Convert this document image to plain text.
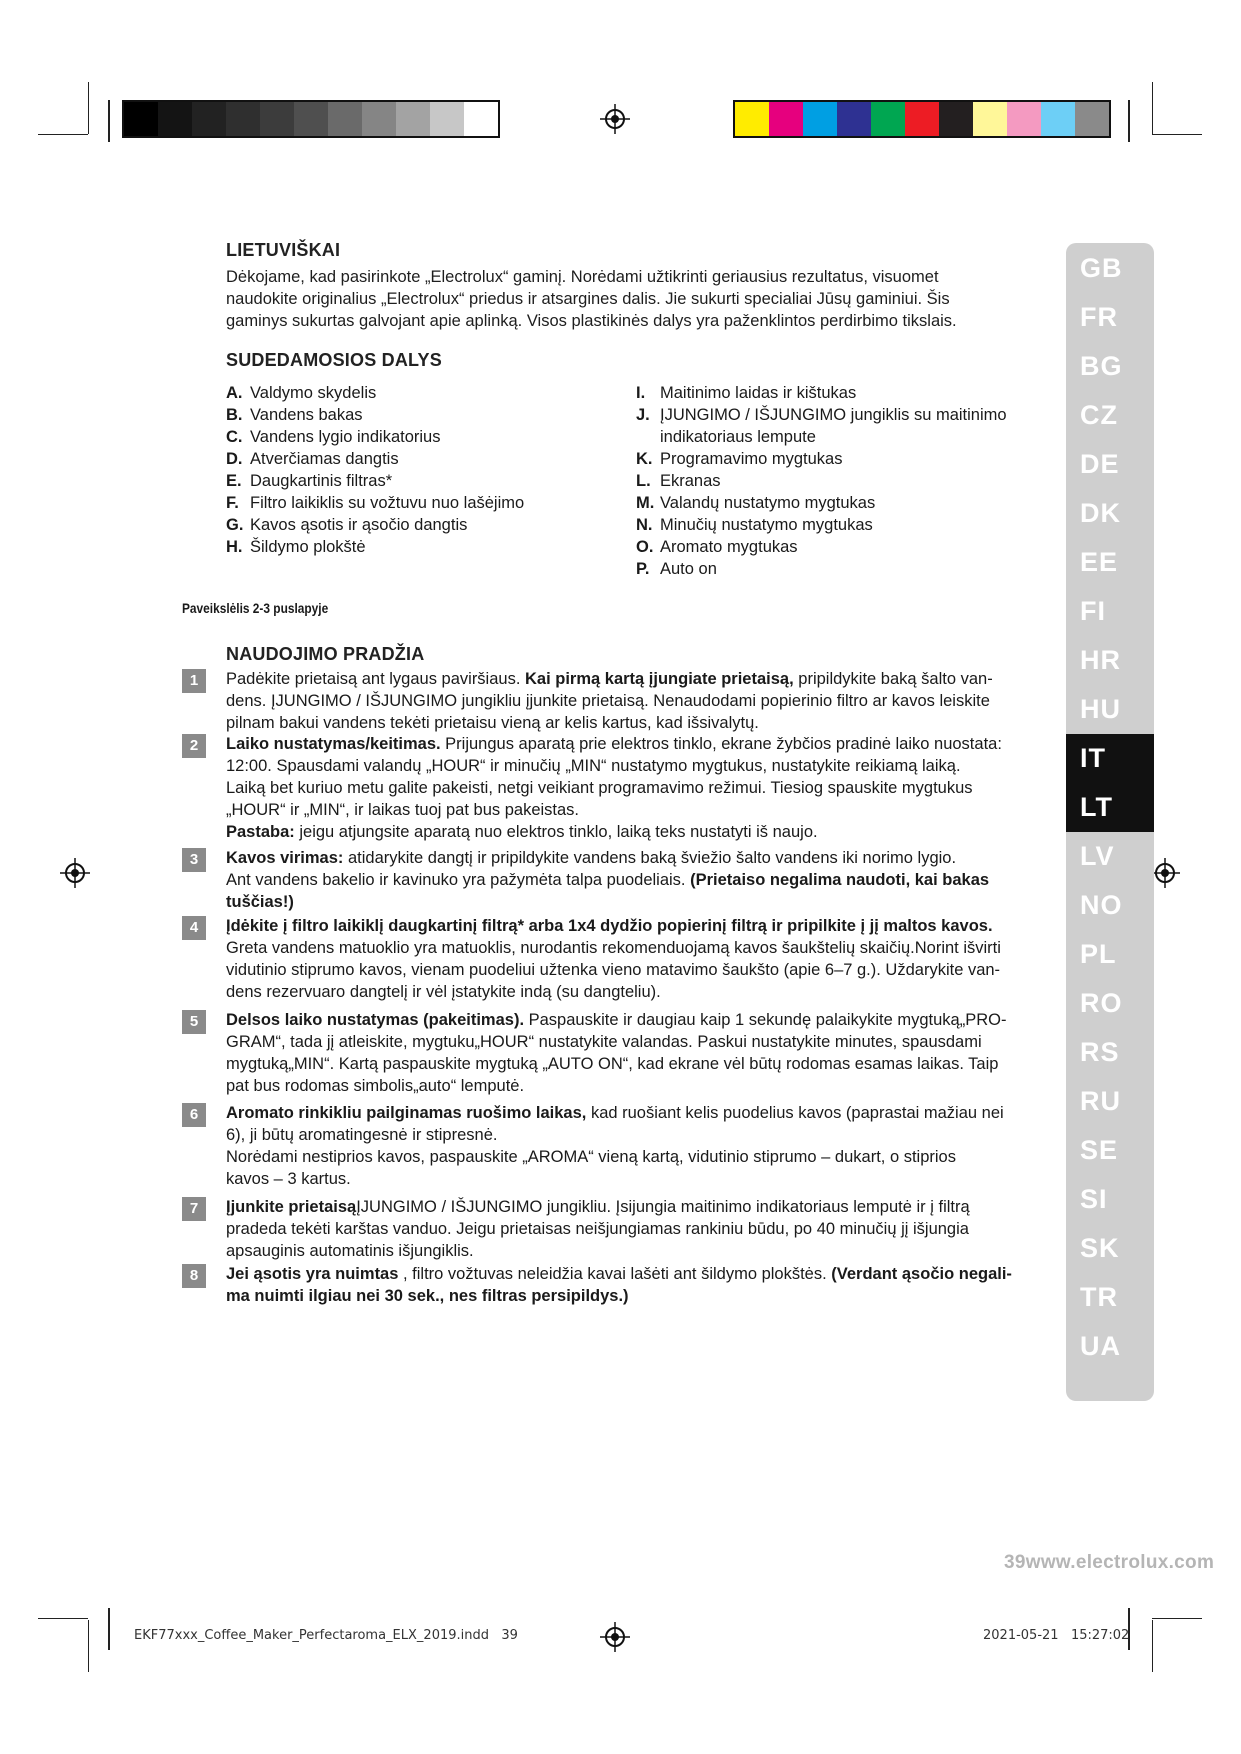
LIETUVIŠKAI
Dėkojame, kad pasirinkote „Electrolux“ gaminį. Norėdami užtikrinti geriausius rezultatus, visuomet
naudokite originalius „Electrolux“ priedus ir atsargines dalis. Jie sukurti specialiai Jūsų gaminiui. Šis
gaminys sukurtas galvojant apie aplinką. Visos plastikinės dalys yra paženklintos perdirbimo tikslais.
SUDEDAMOSIOS DALYS
A. Valdymo skydelis
B. Vandens bakas
C. Vandens lygio indikatorius
D. Atverčiamas dangtis
E. Daugkartinis filtras*
F. Filtro laikiklis su vožtuvu nuo lašėjimo
G. Kavos ąsotis ir ąsočio dangtis
H. Šildymo plokštė
I. Maitinimo laidas ir kištukas
J. ĮJUNGIMO / IŠJUNGIMO jungiklis su maitinimo indikatoriaus lempute
K. Programavimo mygtukas
L. Ekranas
M. Valandų nustatymo mygtukas
N. Minučių nustatymo mygtukas
O. Aromato mygtukas
P. Auto on
Paveikslėlis 2-3 puslapyje
NAUDOJIMO PRADŽIA
1	Padėkite prietaisą ant lygaus paviršiaus. Kai pirmą kartą įjungiate prietaisą, pripildykite baką šalto van-
dens. ĮJUNGIMO / IŠJUNGIMO jungikliu įjunkite prietaisą. Nenaudodami popierinio filtro ar kavos leiskite
pilnam bakui vandens tekėti prietaisu vieną ar kelis kartus, kad išsivalytų.
2	Laiko nustatymas/keitimas. Prijungus aparatą prie elektros tinklo, ekrane žybčios pradinė laiko nuostata:
12:00. Spausdami valandų „HOUR“ ir minučių „MIN“ nustatymo mygtukus, nustatykite reikiamą laiką.
Laiką bet kuriuo metu galite pakeisti, netgi veikiant programavimo režimui. Tiesiog spauskite mygtukus
„HOUR“ ir „MIN“, ir laikas tuoj pat bus pakeistas.
Pastaba: jeigu atjungsite aparatą nuo elektros tinklo, laiką teks nustatyti iš naujo.
3	Kavos virimas: atidarykite dangtį ir pripildykite vandens baką šviežio šalto vandens iki norimo lygio.
Ant vandens bakelio ir kavinuko yra pažymėta talpa puodeliais. (Prietaiso negalima naudoti, kai bakas
tuščias!)
4	Įdėkite į filtro laikiklį daugkartinį filtrą* arba 1x4 dydžio popierinį filtrą ir pripilkite į jį maltos kavos.
Greta vandens matuoklio yra matuoklis, nurodantis rekomenduojamą kavos šaukštelių skaičių.Norint išvirti
vidutinio stiprumo kavos, vienam puodeliui užtenka vieno matavimo šaukšto (apie 6–7 g.). Uždarykite van-
dens rezervuaro dangtelį ir vėl įstatykite indą (su dangteliu).
5	Delsos laiko nustatymas (pakeitimas). Paspauskite ir daugiau kaip 1 sekundę palaikykite mygtuką„PRO-
GRAM“, tada jį atleiskite, mygtuku„HOUR“ nustatykite valandas. Paskui nustatykite minutes, spausdami
mygtuką„MIN“. Kartą paspauskite mygtuką „AUTO ON“, kad ekrane vėl būtų rodomas esamas laikas. Taip
pat bus rodomas simbolis„auto“ lemputė.
6	Aromato rinkikliu pailginamas ruošimo laikas, kad ruošiant kelis puodelius kavos (paprastai mažiau nei
6), ji būtų aromatingesnė ir stipresnė.
Norėdami nestiprios kavos, paspauskite „AROMA“ vieną kartą, vidutinio stiprumo – dukart, o stiprios
kavos – 3 kartus.
7	Įjunkite prietaisąĮJUNGIMO / IŠJUNGIMO jungikliu. Įsijungia maitinimo indikatoriaus lemputė ir į filtrą
pradeda tekėti karštas vanduo. Jeigu prietaisas neišjungiamas rankiniu būdu, po 40 minučių jį išjungia
apsauginis automatinis išjungiklis.
8	Jei ąsotis yra nuimtas , filtro vožtuvas neleidžia kavai lašėti ant šildymo plokštės. (Verdant ąsočio negali-
ma nuimti ilgiau nei 30 sek., nes filtras persipildys.)
GB
FR
BG
CZ
DE
DK
EE
FI
HR
HU
IT
LT
LV
NO
PL
RO
RS
RU
SE
SI
SK
TR
UA
39www.electrolux.com
EKF77xxx_Coffee_Maker_Perfectaroma_ELX_2019.indd   39	2021-05-21   15:27:02
